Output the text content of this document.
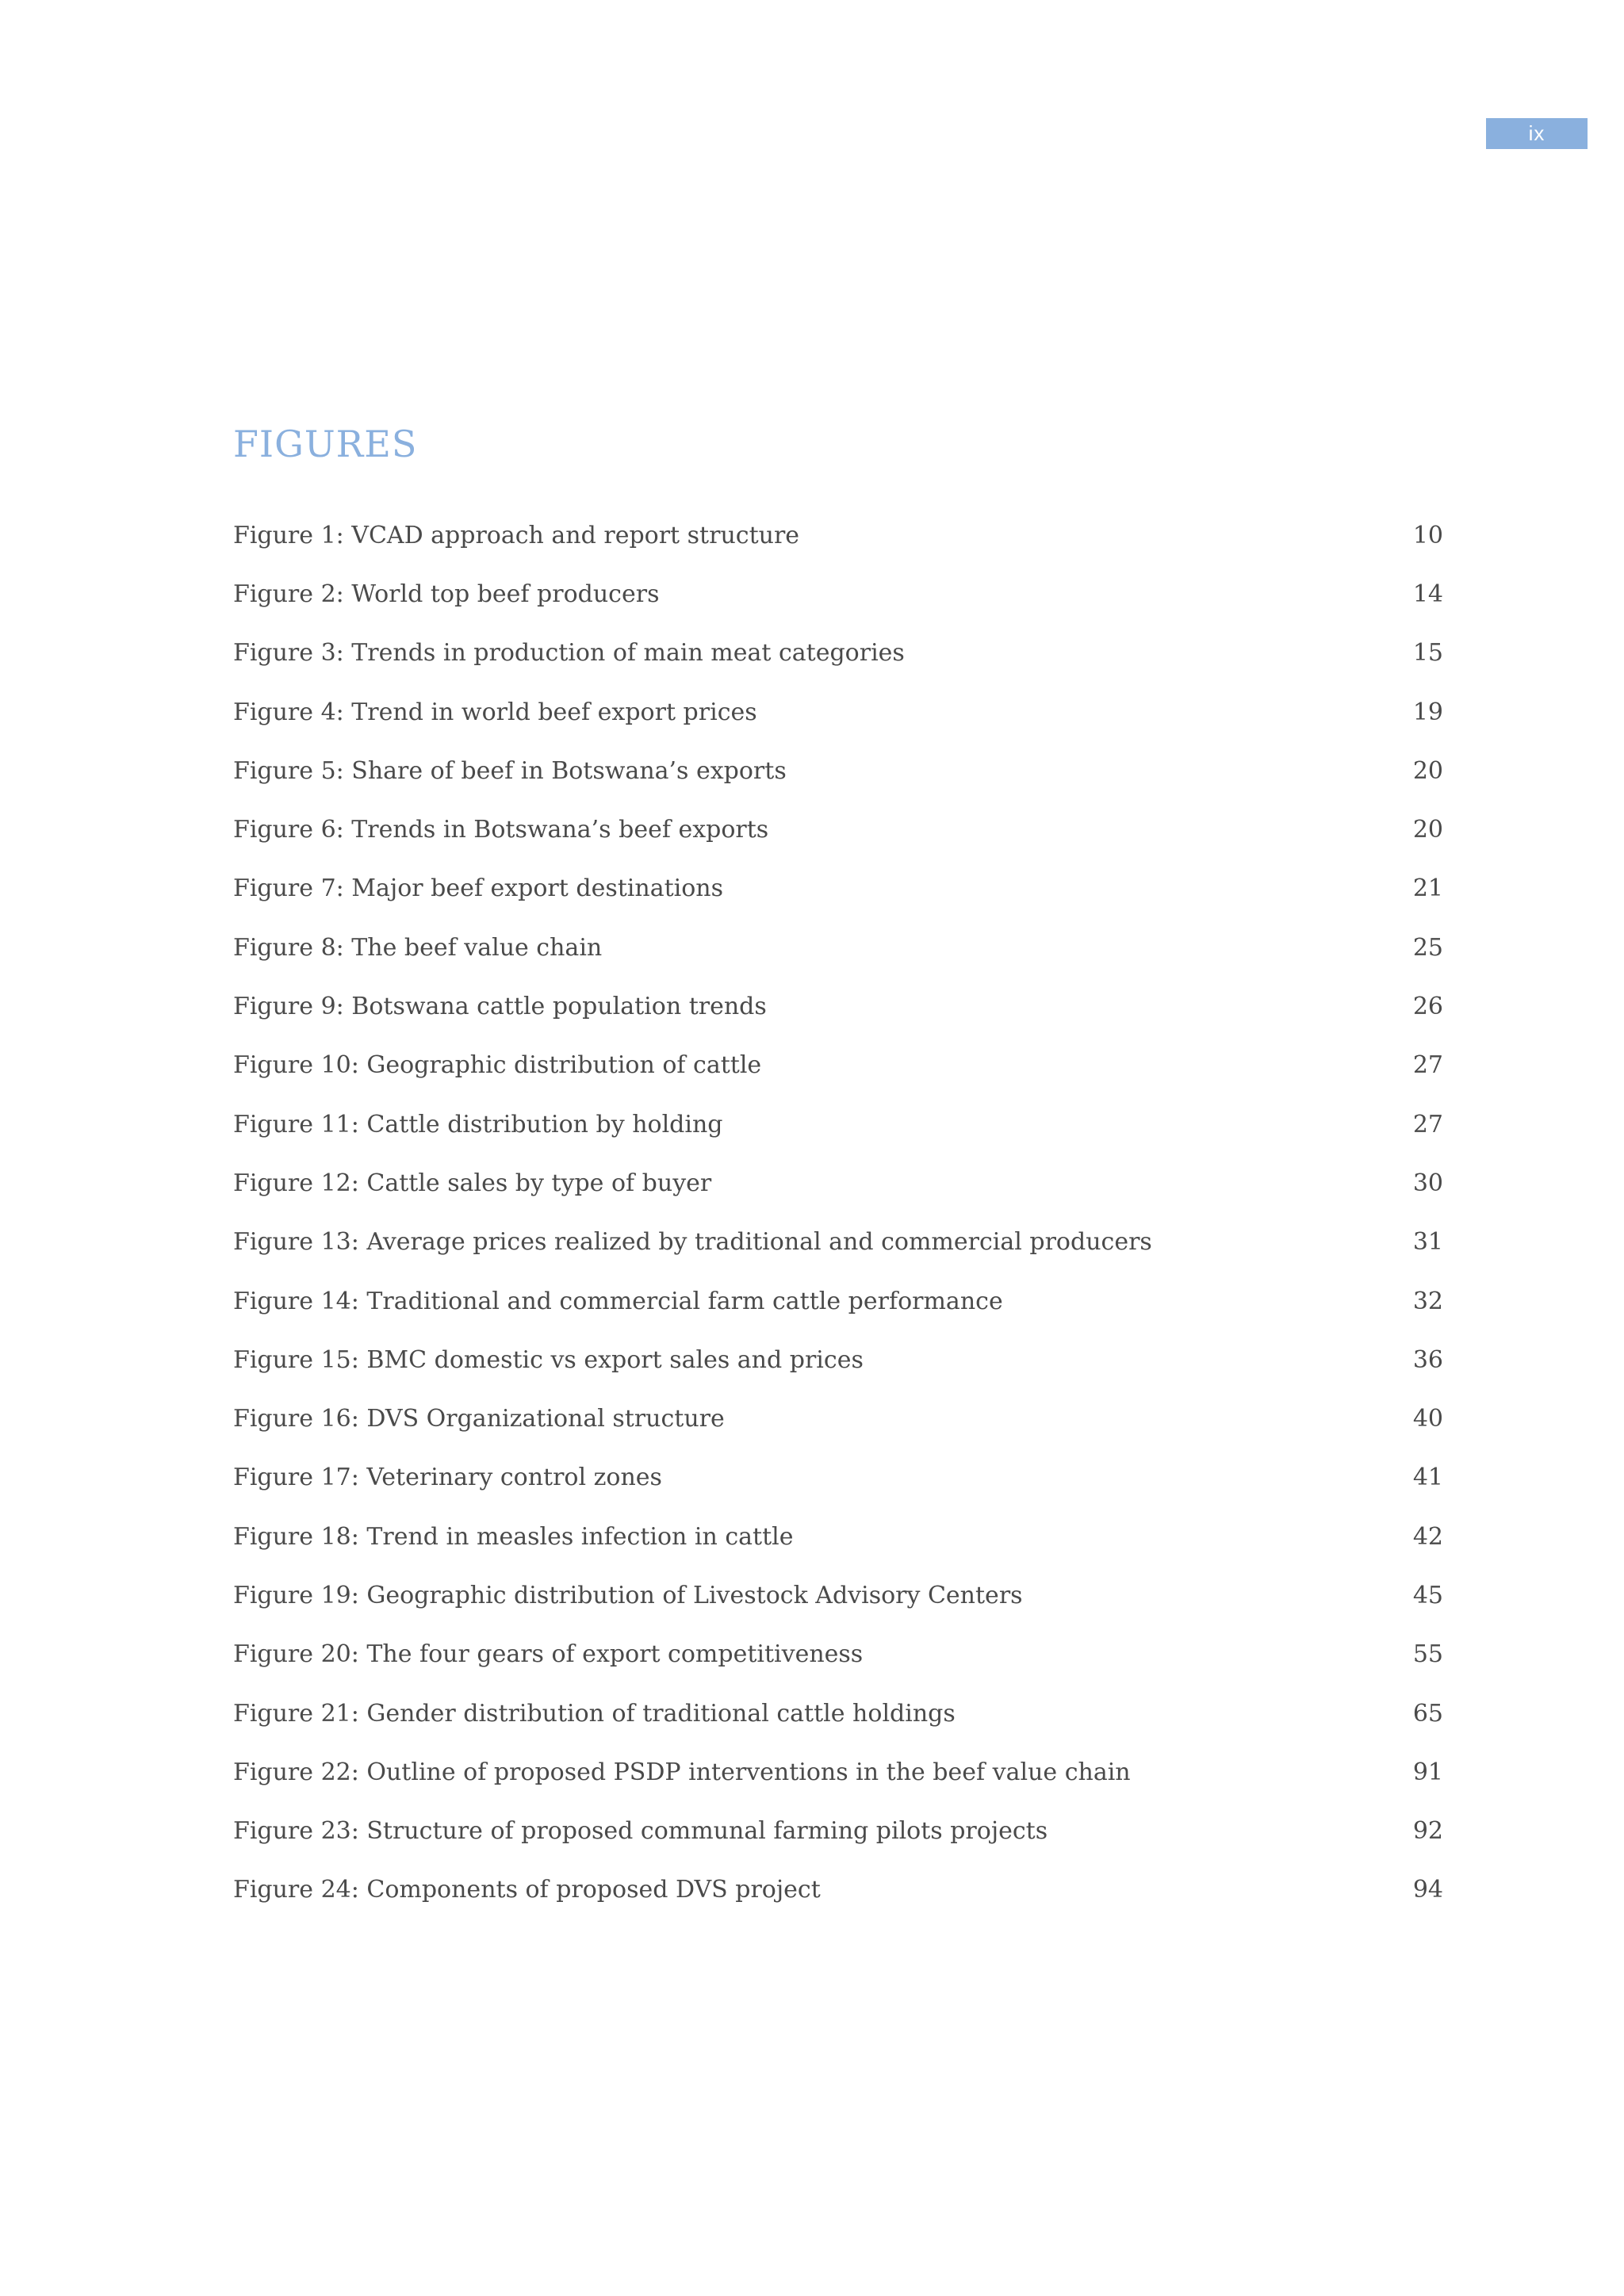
ix
FIGURES
Figure 1: VCAD approach and report structure	10
Figure 2: World top beef producers	14
Figure 3: Trends in production of main meat categories	15
Figure 4: Trend in world beef export prices	19
Figure 5: Share of beef in Botswana’s exports	20
Figure 6: Trends in Botswana’s beef exports	20
Figure 7: Major beef export destinations	21
Figure 8: The beef value chain	25
Figure 9: Botswana cattle population trends	26
Figure 10: Geographic distribution of cattle	27
Figure 11: Cattle distribution by holding	27
Figure 12: Cattle sales by type of buyer	30
Figure 13: Average prices realized by traditional and commercial producers	31
Figure 14: Traditional and commercial farm cattle performance	32
Figure 15: BMC domestic vs export sales and prices	36
Figure 16: DVS Organizational structure	40
Figure 17: Veterinary control zones	41
Figure 18: Trend in measles infection in cattle	42
Figure 19: Geographic distribution of Livestock Advisory Centers	45
Figure 20: The four gears of export competitiveness	55
Figure 21: Gender distribution of traditional cattle holdings	65
Figure 22: Outline of proposed PSDP interventions in the beef value chain	91
Figure 23: Structure of proposed communal farming pilots projects	92
Figure 24: Components of proposed DVS project	94
